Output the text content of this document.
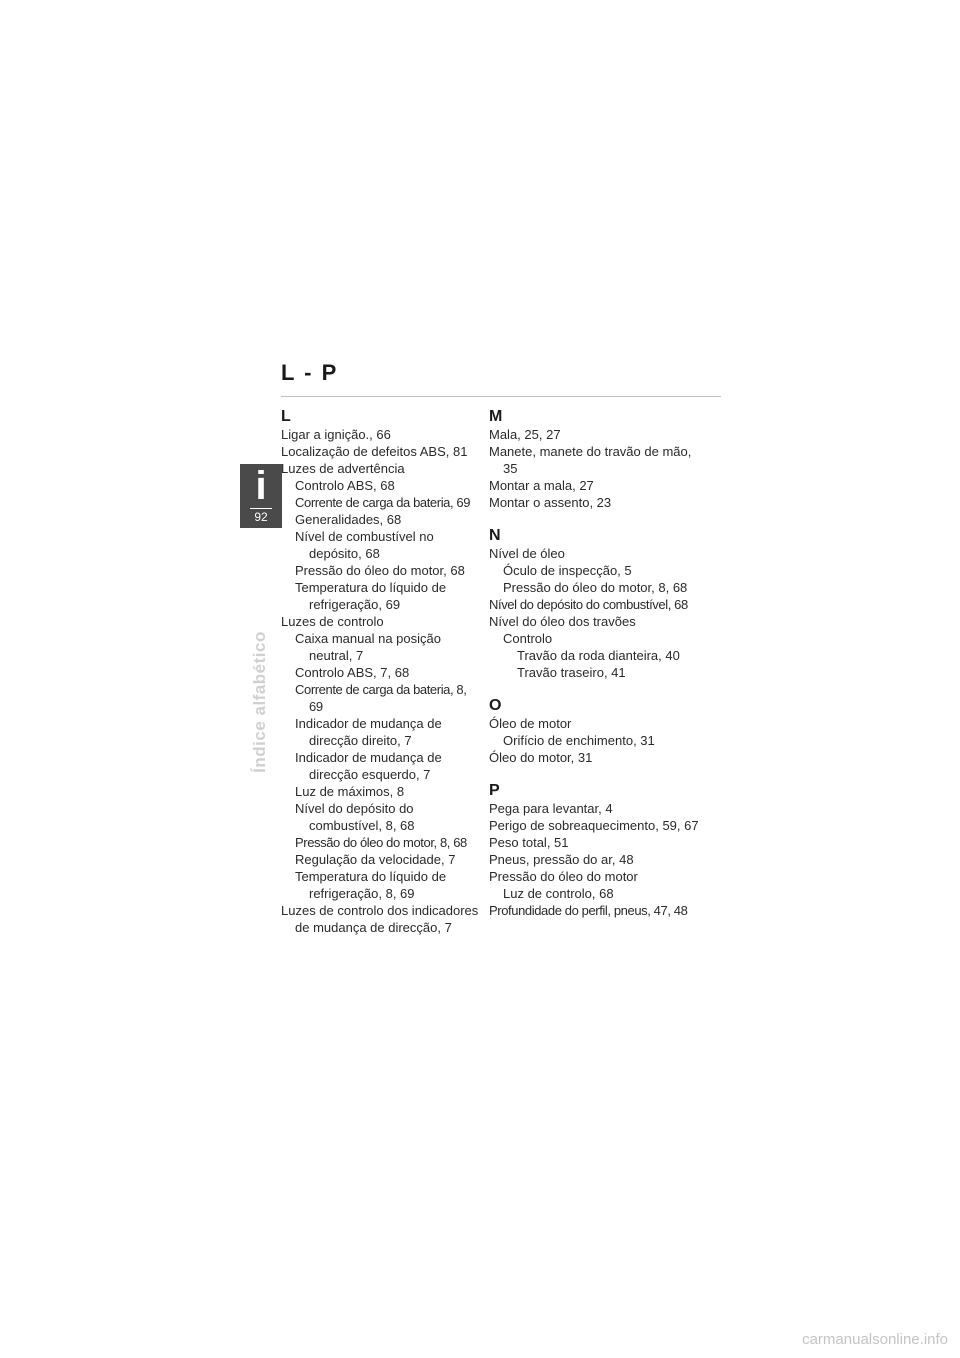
L - P
i
92
Índice alfabético
L
Ligar a ignição., 66
Localização de defeitos ABS, 81
Luzes de advertência
Controlo ABS, 68
Corrente de carga da bateria, 69
Generalidades, 68
Nível de combustível no depósito, 68
Pressão do óleo do motor, 68
Temperatura do líquido de refrigeração, 69
Luzes de controlo
Caixa manual na posição neutral, 7
Controlo ABS, 7, 68
Corrente de carga da bateria, 8, 69
Indicador de mudança de direcção direito, 7
Indicador de mudança de direcção esquerdo, 7
Luz de máximos, 8
Nível do depósito do combustível, 8, 68
Pressão do óleo do motor, 8, 68
Regulação da velocidade, 7
Temperatura do líquido de refrigeração, 8, 69
Luzes de controlo dos indicadores de mudança de direcção, 7
M
Mala, 25, 27
Manete, manete do travão de mão, 35
Montar a mala, 27
Montar o assento, 23
N
Nível de óleo
Óculo de inspecção, 5
Pressão do óleo do motor, 8, 68
Nível do depósito do combustível, 68
Nível do óleo dos travões
Controlo
Travão da roda dianteira, 40
Travão traseiro, 41
O
Óleo de motor
Orifício de enchimento, 31
Óleo do motor, 31
P
Pega para levantar, 4
Perigo de sobreaquecimento, 59, 67
Peso total, 51
Pneus, pressão do ar, 48
Pressão do óleo do motor
Luz de controlo, 68
Profundidade do perfil, pneus, 47, 48
carmanualsonline.info
